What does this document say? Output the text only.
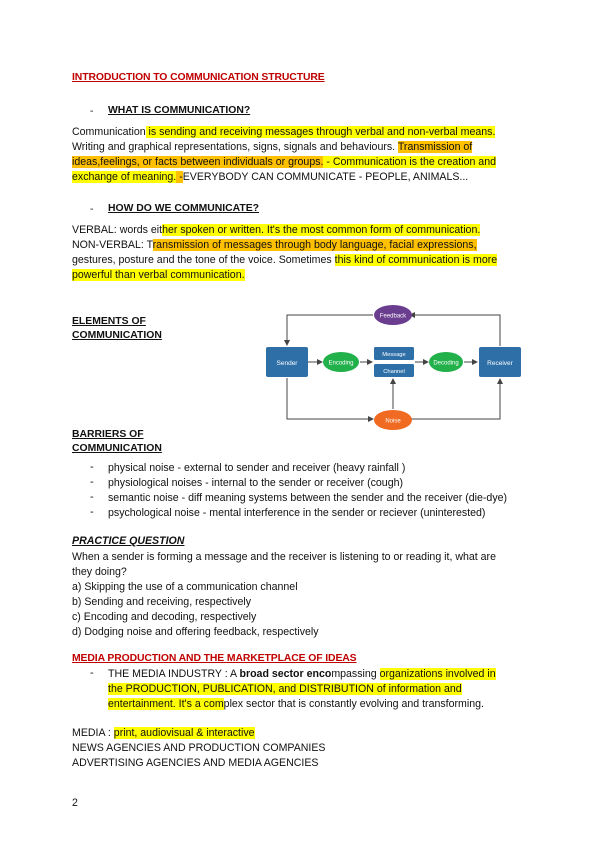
INTRODUCTION TO COMMUNICATION STRUCTURE
- WHAT IS COMMUNICATION?
Communication is sending and receiving messages through verbal and non-verbal means.
Writing and graphical representations, signs, signals and behaviours. Transmission of
ideas,feelings, or facts between individuals or groups. - Communication is the creation and
exchange of meaning. -EVERYBODY CAN COMMUNICATE - PEOPLE, ANIMALS...
- HOW DO WE COMMUNICATE?
VERBAL: words either spoken or written. It's the most common form of communication.
NON-VERBAL: Transmission of messages through body language, facial expressions,
gestures, posture and the tone of the voice. Sometimes this kind of communication is more
powerful than verbal communication.
ELEMENTS OF
COMMUNICATION
Sender	Encoding
Message
Channel
Decoding	Receiver
Feedback
Noise
BARRIERS OF
COMMUNICATION
- physical noise - external to sender and receiver (heavy rainfall )
- physiological noises - internal to the sender or receiver (cough)
- semantic noise - diff meaning systems between the sender and the receiver (die-dye)
- psychological noise - mental interference in the sender or reciever (uninterested)
PRACTICE QUESTION
When a sender is forming a message and the receiver is listening to or reading it, what are
they doing?
a) Skipping the use of a communication channel
b) Sending and receiving, respectively
c) Encoding and decoding, respectively
d) Dodging noise and offering feedback, respectively
MEDIA PRODUCTION AND THE MARKETPLACE OF IDEAS
- THE MEDIA INDUSTRY : A broad sector encompassing organizations involved in
the PRODUCTION, PUBLICATION, and DISTRIBUTION of information and
entertainment. It's a complex sector that is constantly evolving and transforming.
MEDIA : print, audiovisual & interactive
NEWS AGENCIES AND PRODUCTION COMPANIES
ADVERTISING AGENCIES AND MEDIA AGENCIES
2
